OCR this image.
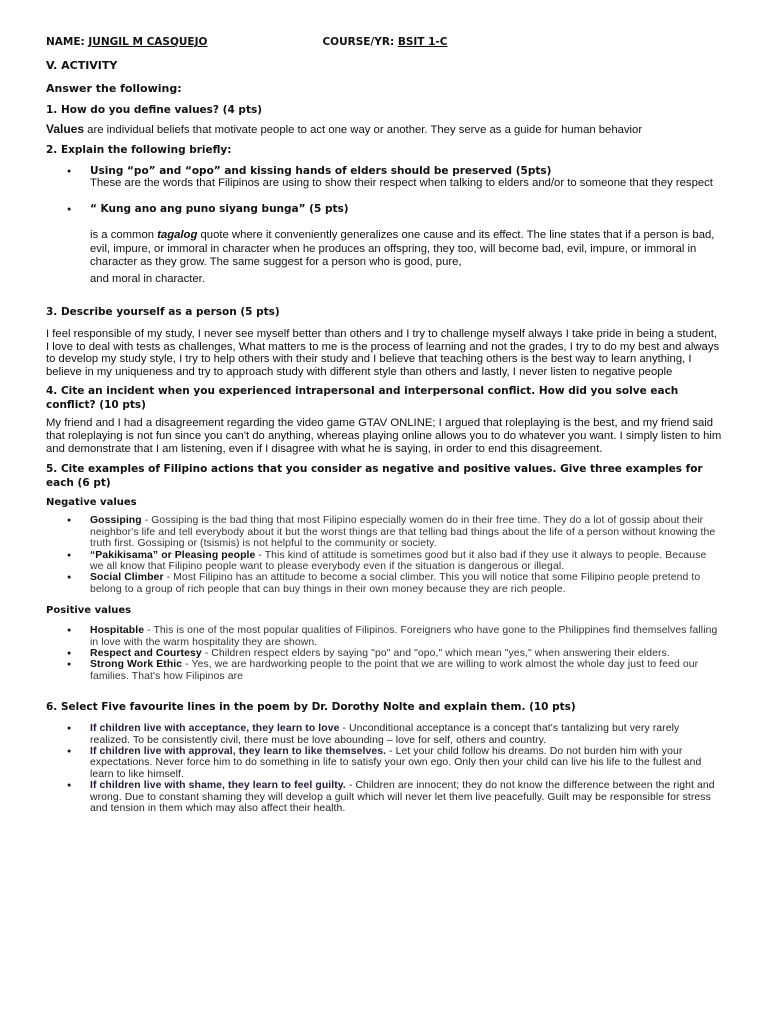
NAME:
JUNGIL M CASQUEJO	COURSE/YR:
BSIT 1-C
V. ACTIVITY
Answer the following:
1. How do you define values? (4 pts)
Values are individual beliefs that motivate people to act one way or another. They serve as a guide for human behavior
2. Explain the following briefly:
● Using “po” and “opo” and kissing hands of elders should be preserved (5pts)
These are the words that Filipinos are using to show their respect when talking to elders and/or to someone that they respect
● “ Kung ano ang puno siyang bunga” (5 pts)
is a common tagalog quote where it conveniently generalizes one cause and its effect. The line states that if a person is bad, evil, impure, or immoral in character when he produces an offspring, they too, will become bad, evil, impure, or immoral in character as they grow. The same suggest for a person who is good, pure,
and moral in character.
3. Describe yourself as a person (5 pts)
I feel responsible of my study, I never see myself better than others and I try to challenge myself always I take pride in being a student, I love to deal with tests as challenges, What matters to me is the process of learning and not the grades, I try to do my best and always to develop my study style, I try to help others with their study and I believe that teaching others is the best way to learn anything, I believe in my uniqueness and try to approach study with different style than others and lastly, I never listen to negative people
4. Cite an incident when you experienced intrapersonal and interpersonal conflict. How did you solve each conflict? (10 pts)
My friend and I had a disagreement regarding the video game GTAV ONLINE; I argued that roleplaying is the best, and my friend said that roleplaying is not fun since you can't do anything, whereas playing online allows you to do whatever you want. I simply listen to him and demonstrate that I am listening, even if I disagree with what he is saying, in order to end this disagreement.
5. Cite examples of Filipino actions that you consider as negative and positive values. Give three examples for each (6 pt)
Negative values
● Gossiping - Gossiping is the bad thing that most Filipino especially women do in their free time. They do a lot of gossip about their neighbor's life and tell everybody about it but the worst things are that telling bad things about the life of a person without knowing the truth first. Gossiping or (tsismis) is not helpful to the community or society.
● “Pakikisama” or Pleasing people - This kind of attitude is sometimes good but it also bad if they use it always to people. Because we all know that Filipino people want to please everybody even if the situation is dangerous or illegal.
● Social Climber - Most Filipino has an attitude to become a social climber. This you will notice that some Filipino people pretend to belong to a group of rich people that can buy things in their own money because they are rich people.
Positive values
● Hospitable - This is one of the most popular qualities of Filipinos. Foreigners who have gone to the Philippines find themselves falling in love with the warm hospitality they are shown.
● Respect and Courtesy - Children respect elders by saying "po" and "opo," which mean "yes," when answering their elders.
● Strong Work Ethic - Yes, we are hardworking people to the point that we are willing to work almost the whole day just to feed our families. That's how Filipinos are
6. Select Five favourite lines in the poem by Dr. Dorothy Nolte and explain them. (10 pts)
● If children live with acceptance, they learn to love - Unconditional acceptance is a concept that's tantalizing but very rarely realized. To be consistently civil, there must be love abounding – love for self, others and country.
● If children live with approval, they learn to like themselves. - Let your child follow his dreams. Do not burden him with your expectations. Never force him to do something in life to satisfy your own ego. Only then your child can live his life to the fullest and learn to like himself.
● If children live with shame, they learn to feel guilty. - Children are innocent; they do not know the difference between the right and wrong. Due to constant shaming they will develop a guilt which will never let them live peacefully. Guilt may be responsible for stress and tension in them which may also affect their health.
